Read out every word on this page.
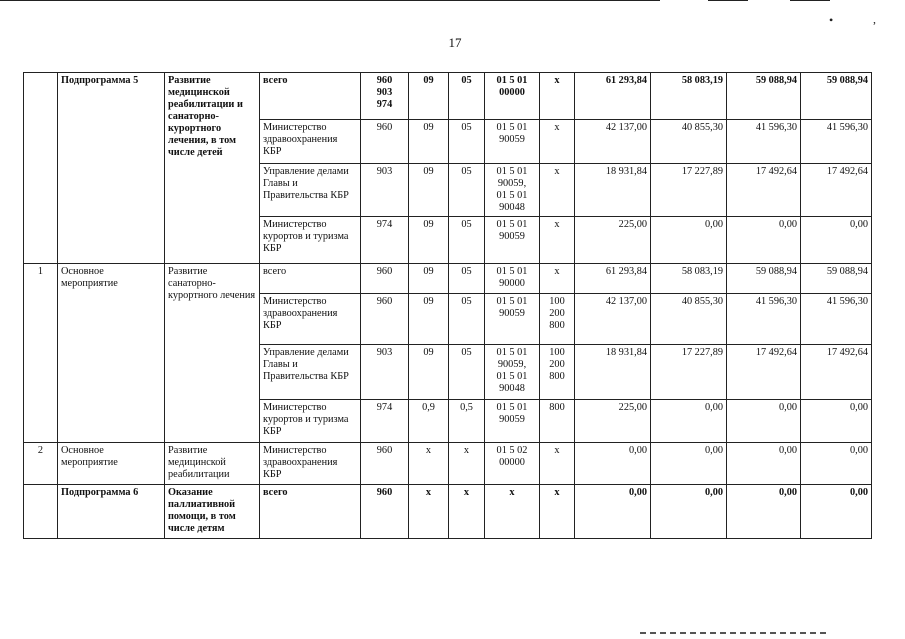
•	,
17
	Подпрограмма 5	Развитие медицинской реабилитации и санаторно-курортного лечения, в том числе детей	всего	960
903
974	09	05	01 5 01
00000	x	61 293,84	58 083,19	59 088,94	59 088,94
			Министерство здравоохранения КБР	960	09	05	01 5 01
90059	x	42 137,00	40 855,30	41 596,30	41 596,30
			Управление делами Главы и Правительства КБР	903	09	05	01 5 01
90059,
01 5 01
90048	x	18 931,84	17 227,89	17 492,64	17 492,64
			Министерство курортов и туризма КБР	974	09	05	01 5 01
90059	x	225,00	0,00	0,00	0,00
1	Основное мероприятие	Развитие санаторно-курортного лечения	всего	960	09	05	01 5 01
90000	x	61 293,84	58 083,19	59 088,94	59 088,94
			Министерство здравоохранения КБР	960	09	05	01 5 01
90059	100
200
800	42 137,00	40 855,30	41 596,30	41 596,30
			Управление делами Главы и Правительства КБР	903	09	05	01 5 01
90059,
01 5 01
90048	100
200
800	18 931,84	17 227,89	17 492,64	17 492,64
			Министерство курортов и туризма КБР	974	0,9	0,5	01 5 01
90059	800	225,00	0,00	0,00	0,00
2	Основное мероприятие	Развитие медицинской реабилитации	Министерство здравоохранения КБР	960	x	x	01 5 02
00000	x	0,00	0,00	0,00	0,00
	Подпрограмма 6	Оказание паллиативной помощи, в том числе детям	всего	960	x	x	x	x	0,00	0,00	0,00	0,00
